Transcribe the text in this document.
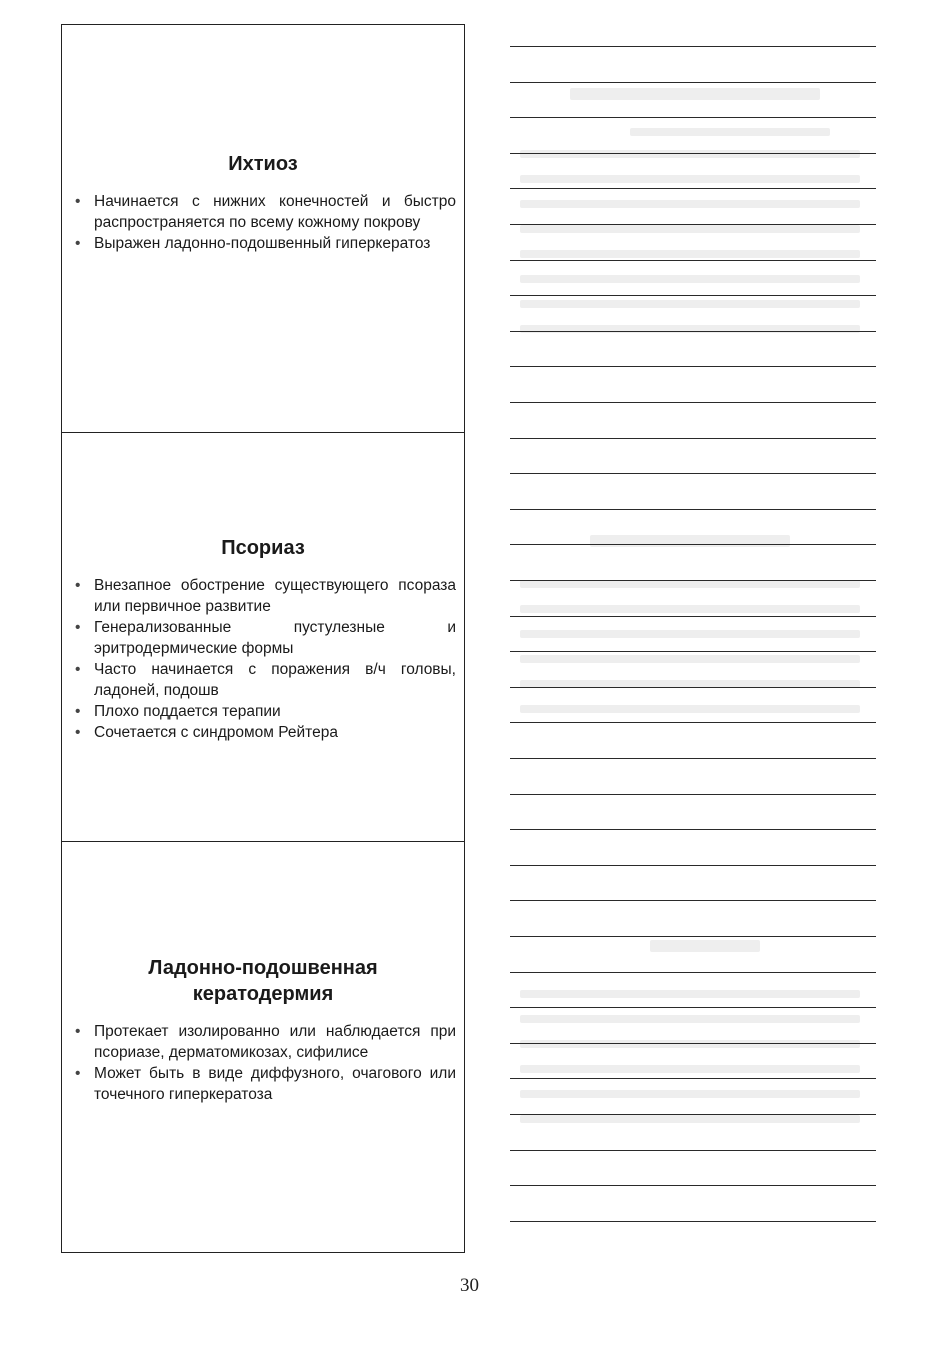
Ихтиоз
• Начинается с нижних конечностей и быстро распространяется по всему кожному покрову
• Выражен ладонно-подошвенный гиперкератоз
Псориаз
• Внезапное обострение существующего псораза или первичное развитие
• Генерализованные пустулезные и эритродермические формы
• Часто начинается с поражения в/ч головы, ладоней, подошв
• Плохо поддается терапии
• Сочетается с синдромом Рейтера
Ладонно-подошвенная
кератодермия
• Протекает изолированно или наблюдается при псориазе, дерматомикозах, сифилисе
• Может быть в виде диффузного, очагового или точечного гиперкератоза
30
